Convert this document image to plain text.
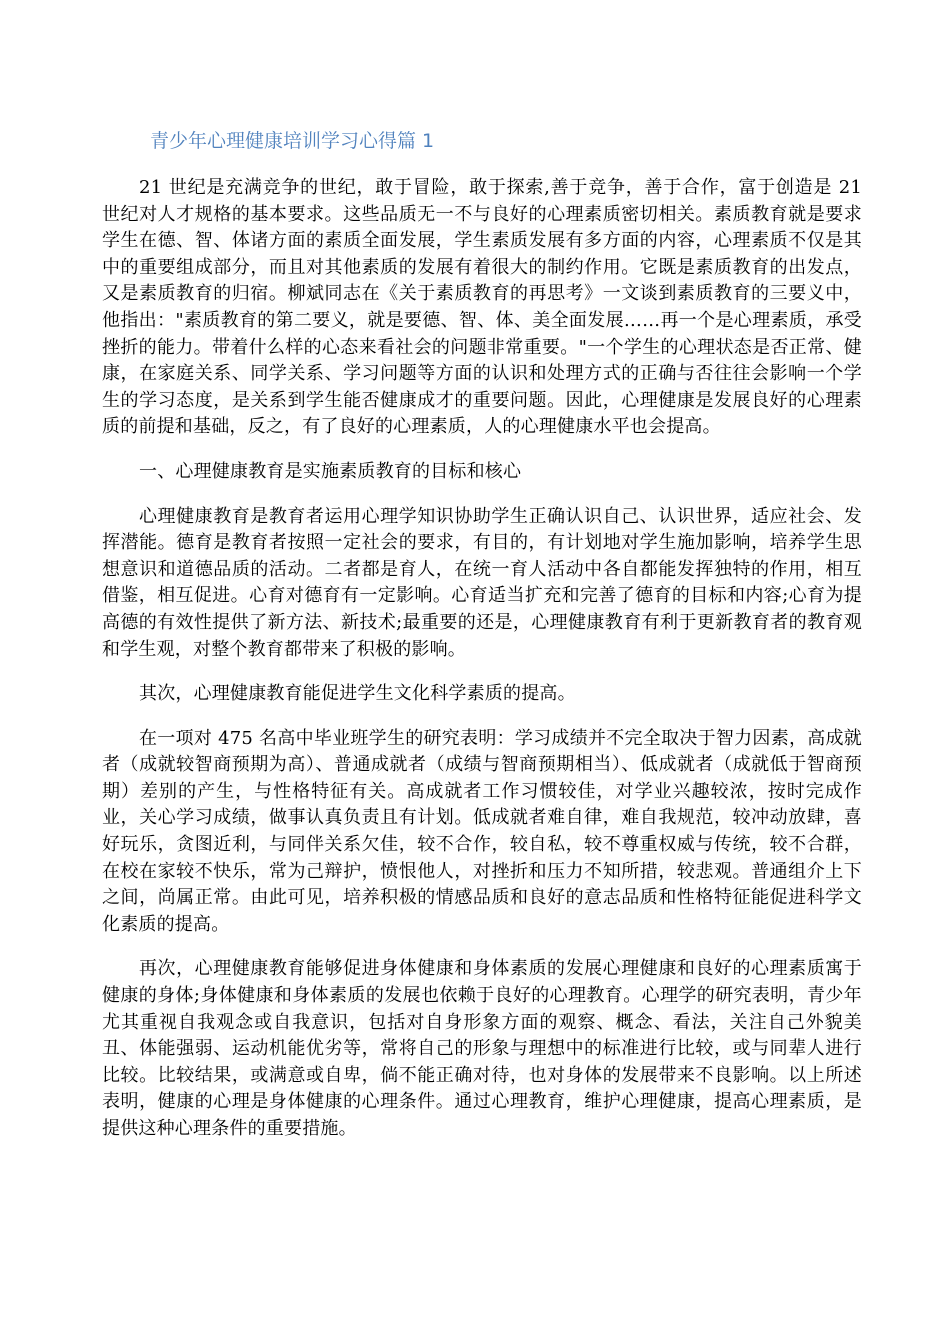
青少年心理健康培训学习心得篇 1

21 世纪是充满竞争的世纪，敢于冒险，敢于探索,善于竞争，善于合作，富于创造是 21 世纪对人才规格的基本要求。这些品质无一不与良好的心理素质密切相关。素质教育就是要求学生在德、智、体诸方面的素质全面发展，学生素质发展有多方面的内容，心理素质不仅是其中的重要组成部分，而且对其他素质的发展有着很大的制约作用。它既是素质教育的出发点，又是素质教育的归宿。柳斌同志在《关于素质教育的再思考》一文谈到素质教育的三要义中，他指出："素质教育的第二要义，就是要德、智、体、美全面发展……再一个是心理素质，承受挫折的能力。带着什么样的心态来看社会的问题非常重要。"一个学生的心理状态是否正常、健康，在家庭关系、同学关系、学习问题等方面的认识和处理方式的正确与否往往会影响一个学生的学习态度，是关系到学生能否健康成才的重要问题。因此，心理健康是发展良好的心理素质的前提和基础，反之，有了良好的心理素质，人的心理健康水平也会提高。

一、心理健康教育是实施素质教育的目标和核心

心理健康教育是教育者运用心理学知识协助学生正确认识自己、认识世界，适应社会、发挥潜能。德育是教育者按照一定社会的要求，有目的，有计划地对学生施加影响，培养学生思想意识和道德品质的活动。二者都是育人，在统一育人活动中各自都能发挥独特的作用，相互借鉴，相互促进。心育对德育有一定影响。心育适当扩充和完善了德育的目标和内容;心育为提高德的有效性提供了新方法、新技术;最重要的还是，心理健康教育有利于更新教育者的教育观和学生观，对整个教育都带来了积极的影响。

其次，心理健康教育能促进学生文化科学素质的提高。

在一项对 475 名高中毕业班学生的研究表明：学习成绩并不完全取决于智力因素，高成就者（成就较智商预期为高）、普通成就者（成绩与智商预期相当）、低成就者（成就低于智商预期）差别的产生，与性格特征有关。高成就者工作习惯较佳，对学业兴趣较浓，按时完成作业，关心学习成绩，做事认真负责且有计划。低成就者难自律，难自我规范，较冲动放肆，喜好玩乐，贪图近利，与同伴关系欠佳，较不合作，较自私，较不尊重权威与传统，较不合群，在校在家较不快乐，常为己辩护，愤恨他人，对挫折和压力不知所措，较悲观。普通组介上下之间，尚属正常。由此可见，培养积极的情感品质和良好的意志品质和性格特征能促进科学文化素质的提高。

再次，心理健康教育能够促进身体健康和身体素质的发展心理健康和良好的心理素质寓于健康的身体;身体健康和身体素质的发展也依赖于良好的心理教育。心理学的研究表明，青少年尤其重视自我观念或自我意识，包括对自身形象方面的观察、概念、看法，关注自己外貌美丑、体能强弱、运动机能优劣等，常将自己的形象与理想中的标准进行比较，或与同辈人进行比较。比较结果，或满意或自卑，倘不能正确对待，也对身体的发展带来不良影响。以上所述表明，健康的心理是身体健康的心理条件。通过心理教育，维护心理健康，提高心理素质，是提供这种心理条件的重要措施。
